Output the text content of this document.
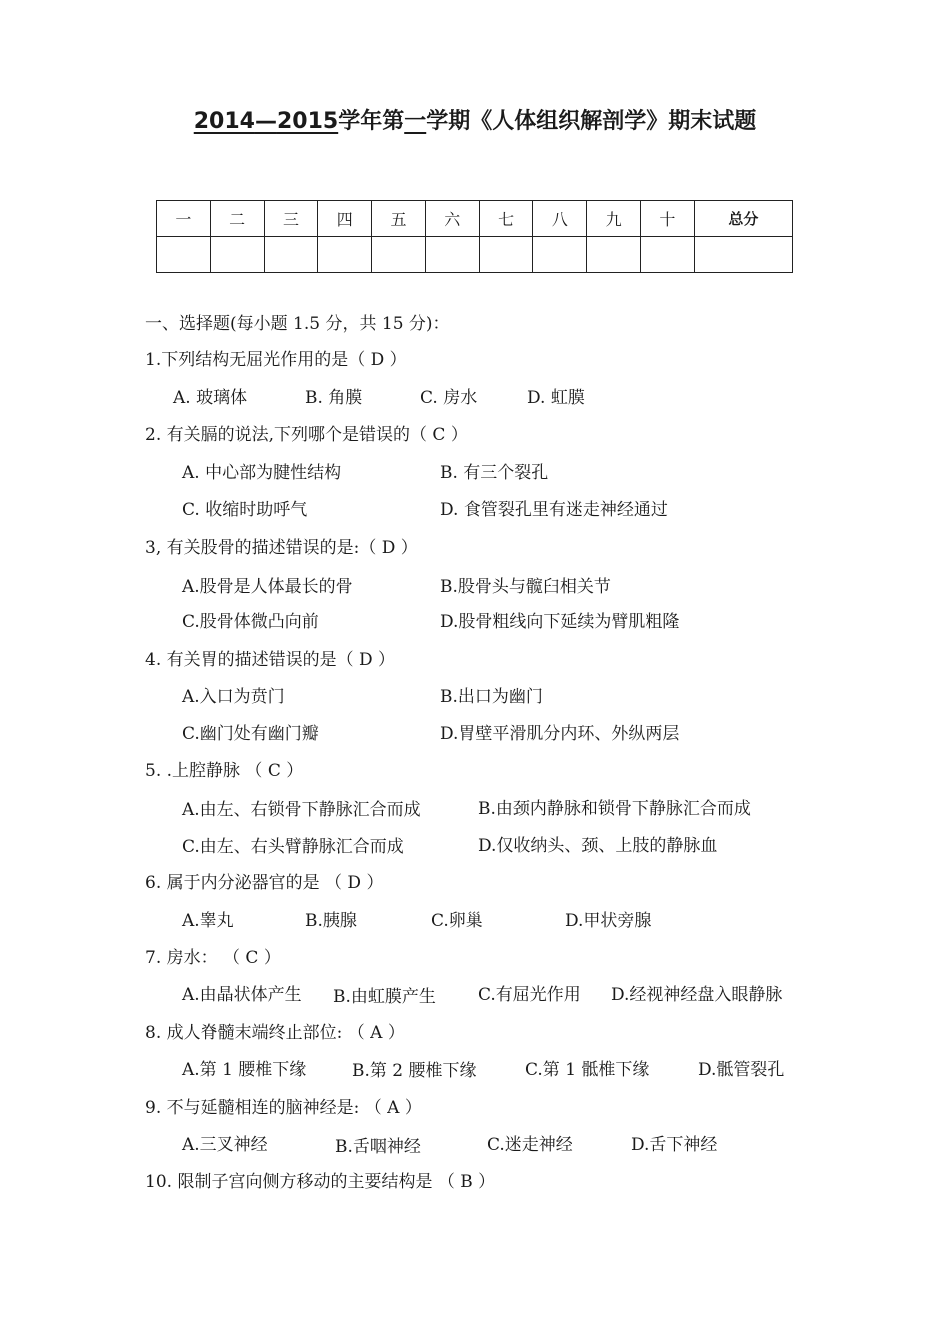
2014—2015学年第一学期《人体组织解剖学》期末试题
一	二	三	四	五	六	七	八	九	十	总分

一、选择题(每小题 1.5 分，共 15 分)：
1.下列结构无屈光作用的是（ D ）
A. 玻璃体	B. 角膜	C. 房水	D. 虹膜
2. 有关膈的说法,下列哪个是错误的（ C ）
A. 中心部为腱性结构	B. 有三个裂孔
C. 收缩时助呼气	D. 食管裂孔里有迷走神经通过
3, 有关股骨的描述错误的是:（ D ）
A.股骨是人体最长的骨	B.股骨头与髋臼相关节
C.股骨体微凸向前	D.股骨粗线向下延续为臂肌粗隆
4. 有关胃的描述错误的是（ D ）
A.入口为贲门	B.出口为幽门
C.幽门处有幽门瓣	D.胃壁平滑肌分内环、外纵两层
5. .上腔静脉 （ C ）
A.由左、右锁骨下静脉汇合而成	B.由颈内静脉和锁骨下静脉汇合而成
C.由左、右头臂静脉汇合而成	D.仅收纳头、颈、上肢的静脉血
6. 属于内分泌器官的是 （ D ）
A.睾丸	B.胰腺	C.卵巢	D.甲状旁腺
7. 房水： （ C ）
A.由晶状体产生 B.由虹膜产生 C.有屈光作用 D.经视神经盘入眼静脉
8. 成人脊髓末端终止部位: （ A ）
A.第 1 腰椎下缘	B.第 2 腰椎下缘	C.第 1 骶椎下缘	D.骶管裂孔
9. 不与延髓相连的脑神经是: （ A ）
A.三叉神经	B.舌咽神经	C.迷走神经	D.舌下神经
10. 限制子宫向侧方移动的主要结构是 （ B ）
